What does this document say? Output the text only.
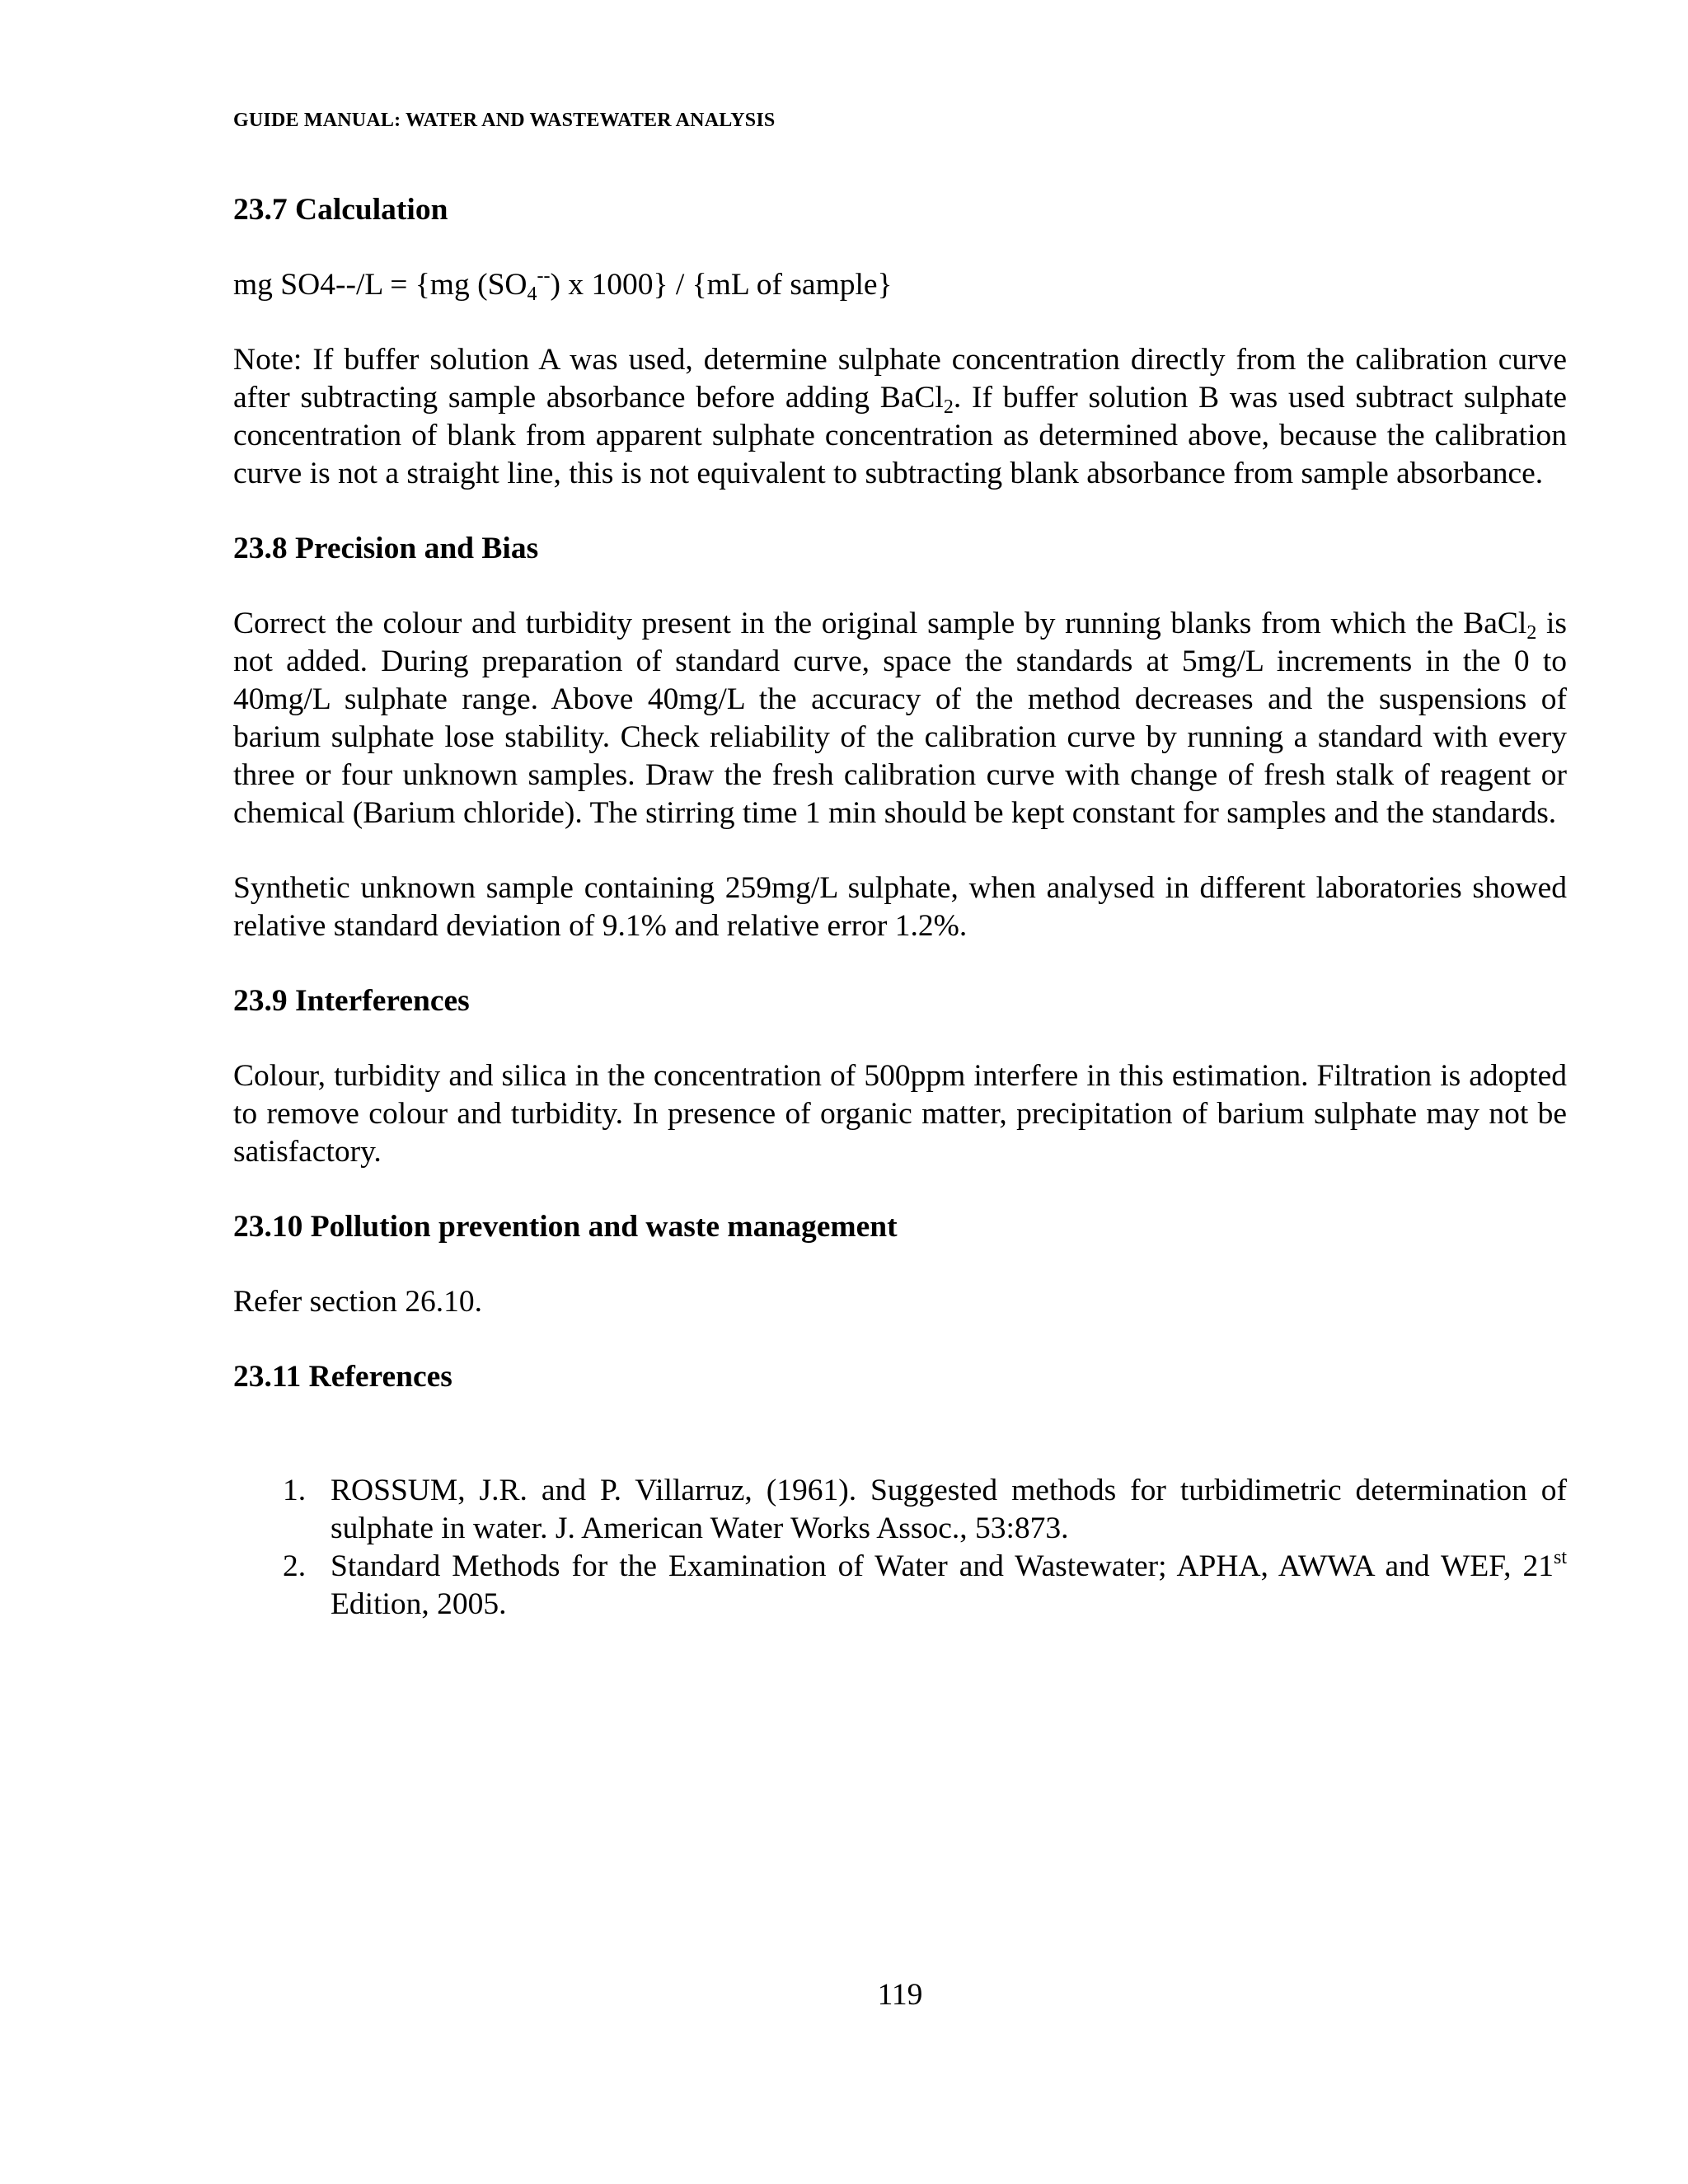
GUIDE MANUAL: WATER AND WASTEWATER ANALYSIS

23.7 Calculation

mg SO4--/L = {mg $(SO_4^{--})$ x 1000} / {mL of sample}

Note: If buffer solution A was used, determine sulphate concentration directly from the calibration curve after subtracting sample absorbance before adding BaCl$_2$. If buffer solution B was used subtract sulphate concentration of blank from apparent sulphate concentration as determined above, because the calibration curve is not a straight line, this is not equivalent to subtracting blank absorbance from sample absorbance.

23.8 Precision and Bias

Correct the colour and turbidity present in the original sample by running blanks from which the BaCl$_2$ is not added. During preparation of standard curve, space the standards at 5mg/L increments in the 0 to 40mg/L sulphate range. Above 40mg/L the accuracy of the method decreases and the suspensions of barium sulphate lose stability. Check reliability of the calibration curve by running a standard with every three or four unknown samples. Draw the fresh calibration curve with change of fresh stalk of reagent or chemical (Barium chloride). The stirring time 1 min should be kept constant for samples and the standards.

Synthetic unknown sample containing 259mg/L sulphate, when analysed in different laboratories showed relative standard deviation of 9.1% and relative error 1.2%.

23.9 Interferences

Colour, turbidity and silica in the concentration of 500ppm interfere in this estimation. Filtration is adopted to remove colour and turbidity. In presence of organic matter, precipitation of barium sulphate may not be satisfactory.

23.10 Pollution prevention and waste management

Refer section 26.10.

23.11 References
1. ROSSUM, J.R. and P. Villarruz, (1961). Suggested methods for turbidimetric determination of sulphate in water. J. American Water Works Assoc., 53:873.
2. Standard Methods for the Examination of Water and Wastewater; APHA, AWWA and WEF, 21st Edition, 2005.

119
